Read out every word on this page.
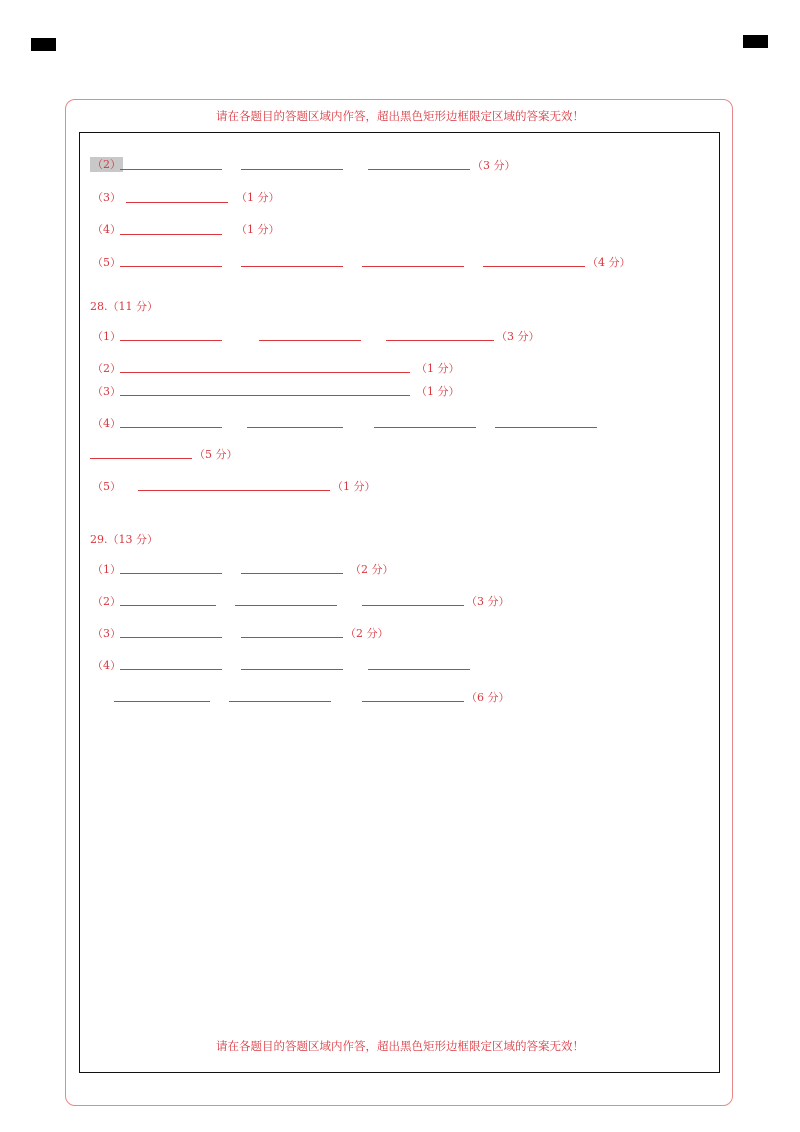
请在各题目的答题区域内作答，超出黑色矩形边框限定区域的答案无效！
请在各题目的答题区域内作答，超出黑色矩形边框限定区域的答案无效！
（2）	（3 分）
（3）	（1 分）
（4）	（1 分）
（5）	（4 分）
28.（11 分）
（1）	（3 分）
（2）	（1 分）
（3）	（1 分）
（4）
（5 分）
（5）	（1 分）
29.（13 分）
（1）	（2 分）
（2）	（3 分）
（3）	（2 分）
（4）
（6 分）
